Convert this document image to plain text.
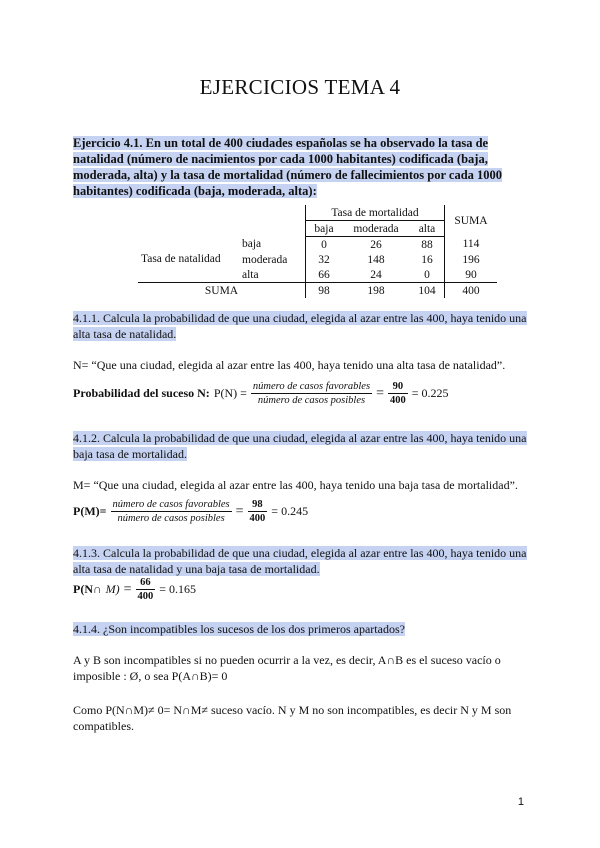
EJERCICIOS TEMA 4
Ejercicio 4.1. En un total de 400 ciudades españolas se ha observado la tasa de natalidad (número de nacimientos por cada 1000 habitantes) codificada (baja, moderada, alta) y la tasa de mortalidad (número de fallecimientos por cada 1000 habitantes) codificada (baja, moderada, alta):
		Tasa de mortalidad			SUMA
		baja	moderada	alta	
Tasa de natalidad	baja	0	26	88	114
	moderada	32	148	16	196
	alta	66	24	0	90
SUMA		98	198	104	400
4.1.1. Calcula la probabilidad de que una ciudad, elegida al azar entre las 400, haya tenido una alta tasa de natalidad.
N= “Que una ciudad, elegida al azar entre las 400, haya tenido una alta tasa de natalidad”.
Probabilidad del suceso N: $P(N) = \frac{\text{número de casos favorables}}{\text{número de casos posibles}} = \frac{90}{400} = 0.225$
4.1.2. Calcula la probabilidad de que una ciudad, elegida al azar entre las 400, haya tenido una baja tasa de mortalidad.
M= “Que una ciudad, elegida al azar entre las 400, haya tenido una baja tasa de mortalidad”.
$P(M)= \frac{\text{número de casos favorables}}{\text{número de casos posibles}} = \frac{98}{400} = 0.245$
4.1.3. Calcula la probabilidad de que una ciudad, elegida al azar entre las 400, haya tenido una alta tasa de natalidad y una baja tasa de mortalidad.
P(N∩ $M) = \frac{66}{400} = 0.165$
4.1.4. ¿Son incompatibles los sucesos de los dos primeros apartados?
A y B son incompatibles si no pueden ocurrir a la vez, es decir, A∩B es el suceso vacío o imposible : Ø, o sea P(A∩B)= 0
Como P(N∩M)≠ 0= N∩M≠ suceso vacío. N y M no son incompatibles, es decir N y M son compatibles.
1
